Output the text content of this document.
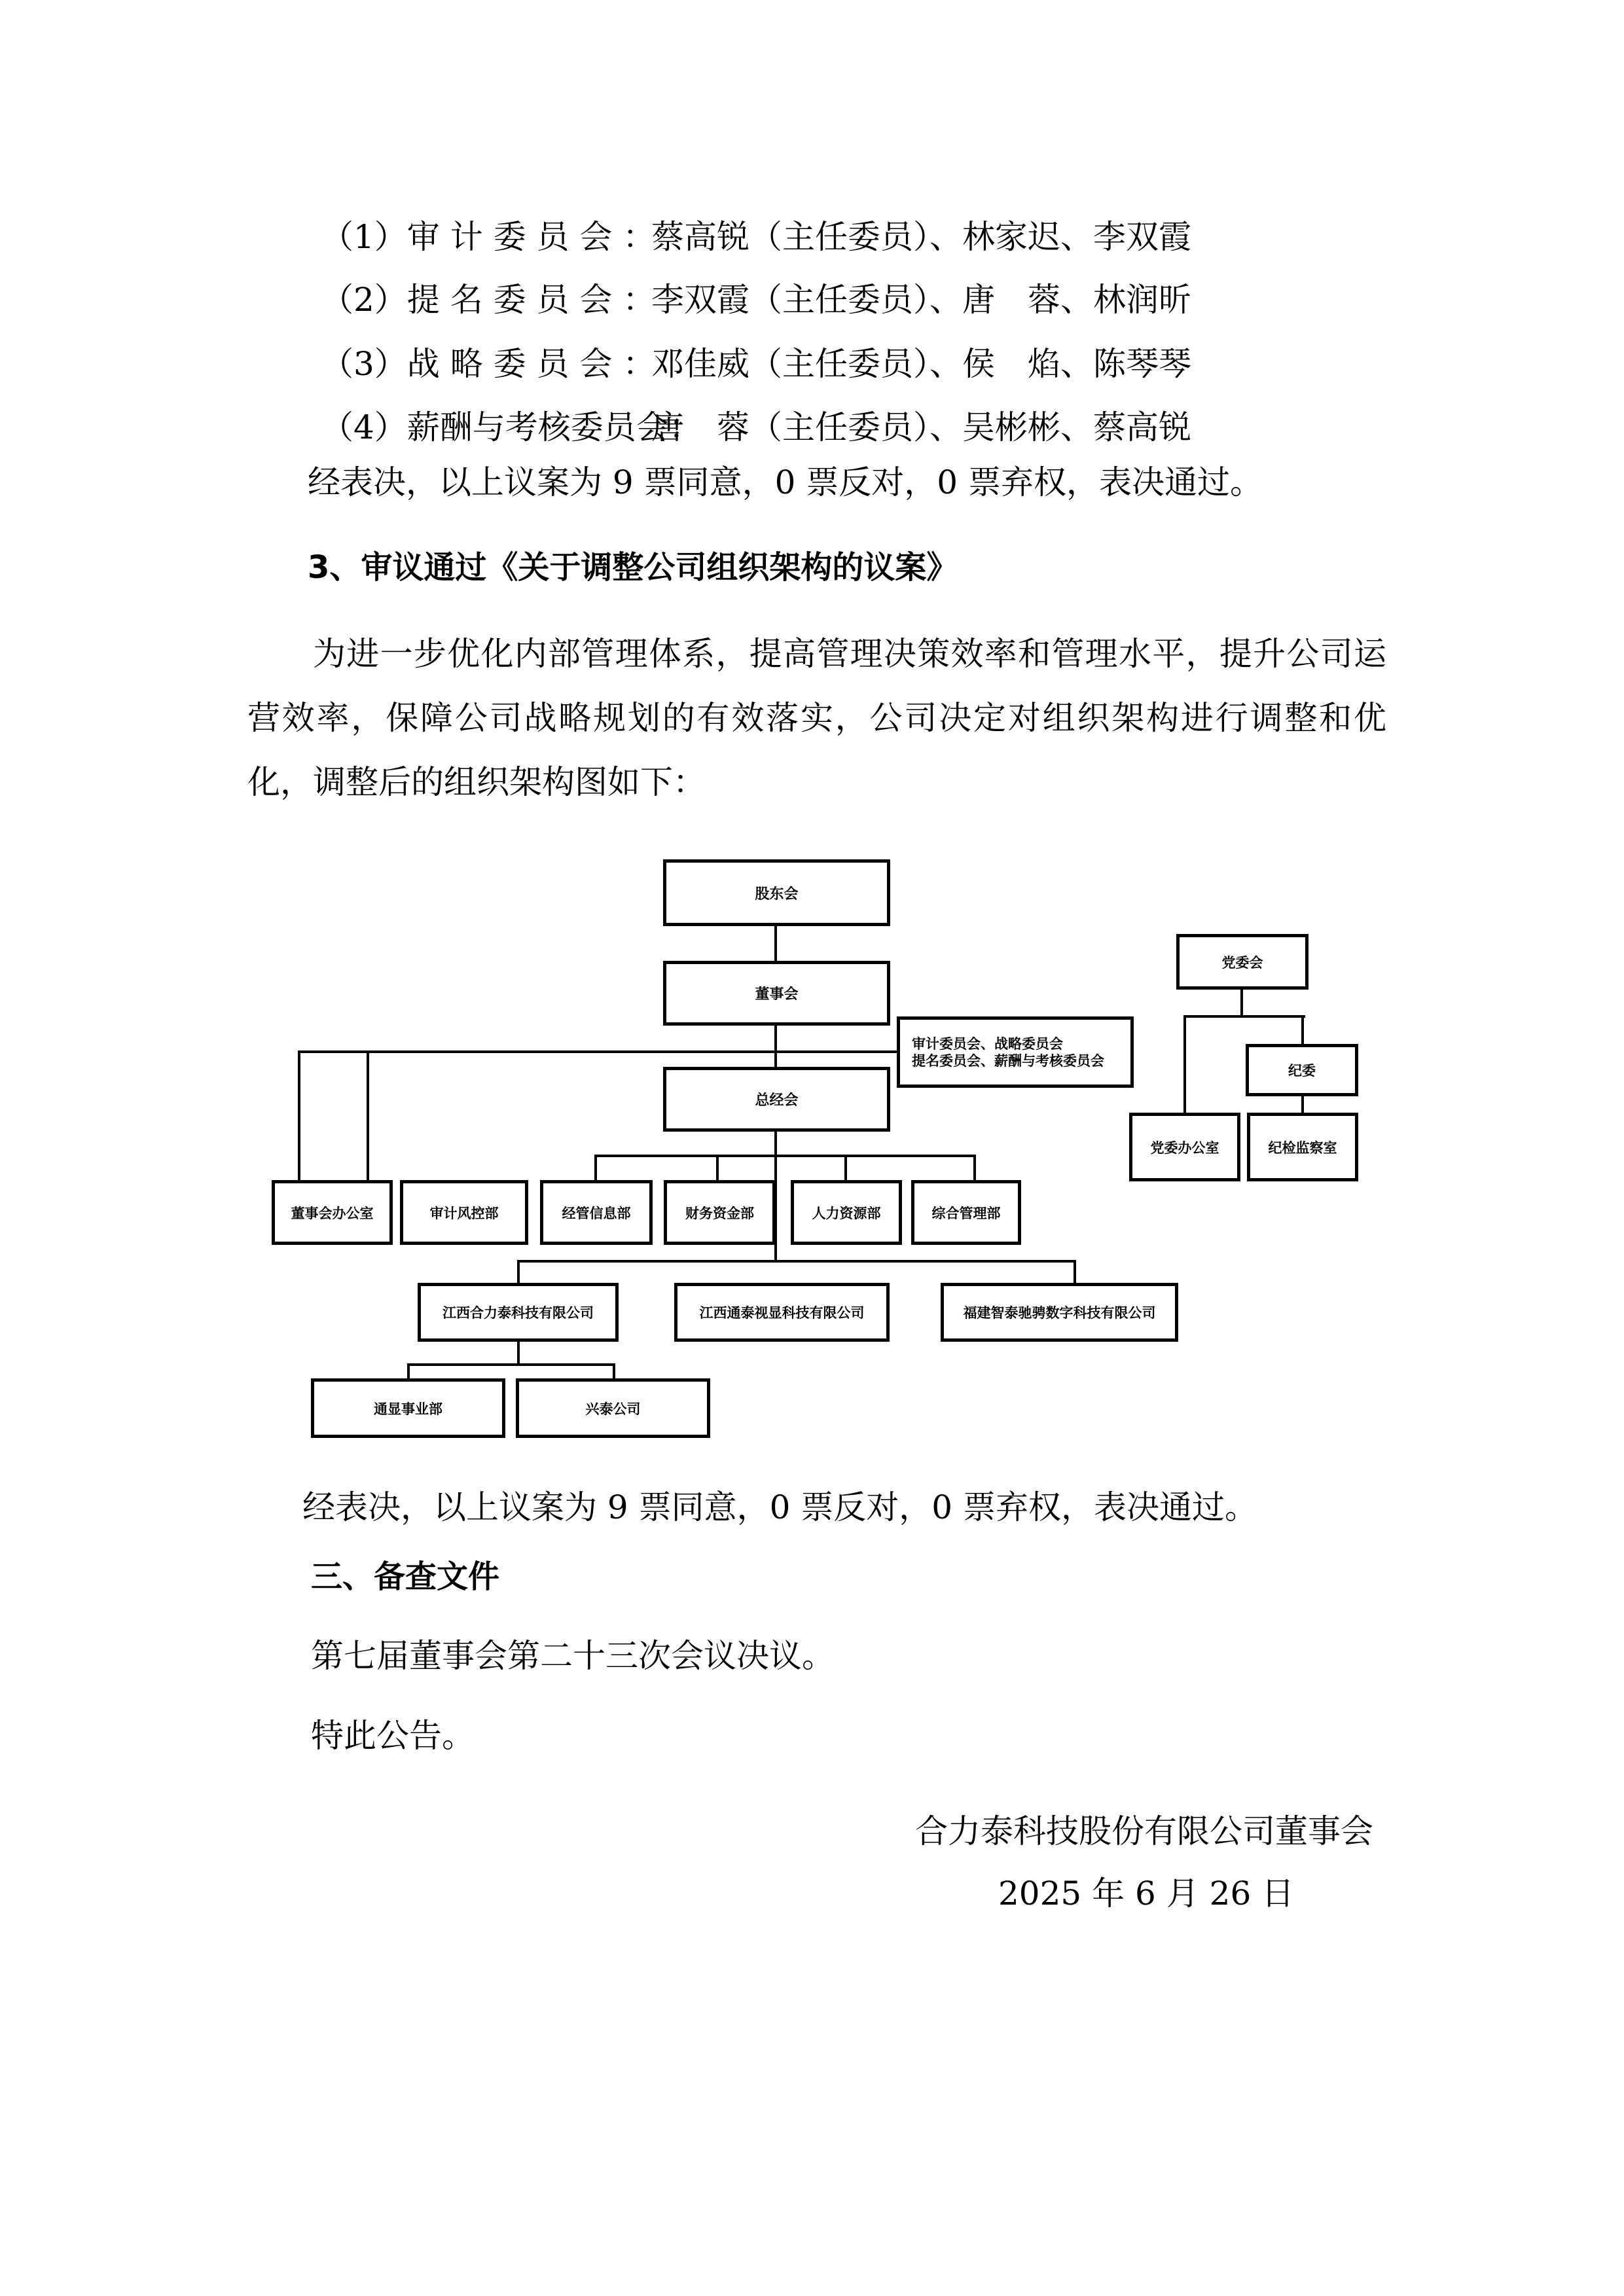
（1）审 计 委 员 会 ：
蔡高锐（主任委员）、林家迟、李双霞
（2）提 名 委 员 会 ：
李双霞（主任委员）、唐　蓉、林润昕
（3）战 略 委 员 会 ：
邓佳威（主任委员）、侯　焰、陈琴琴
（4）薪酬与考核委员会：
唐　蓉（主任委员）、吴彬彬、蔡高锐
经表决，以上议案为 9 票同意，0 票反对，0 票弃权，表决通过。
3、审议通过《关于调整公司组织架构的议案》
为进一步优化内部管理体系，提高管理决策效率和管理水平，提升公司运营效率，保障公司战略规划的有效落实，公司决定对组织架构进行调整和优化，调整后的组织架构图如下：
股东会
董事会
审计委员会、战略委员会
提名委员会、薪酬与考核委员会
总经会
党委会
纪委
党委办公室	纪检监察室
董事会办公室	审计风控部	经管信息部	财务资金部	人力资源部	综合管理部
江西合力泰科技有限公司	江西通泰视显科技有限公司	福建智泰驰骋数字科技有限公司
通显事业部	兴泰公司
经表决，以上议案为 9 票同意，0 票反对，0 票弃权，表决通过。
三、备查文件
第七届董事会第二十三次会议决议。
特此公告。
合力泰科技股份有限公司董事会
2025 年 6 月 26 日
